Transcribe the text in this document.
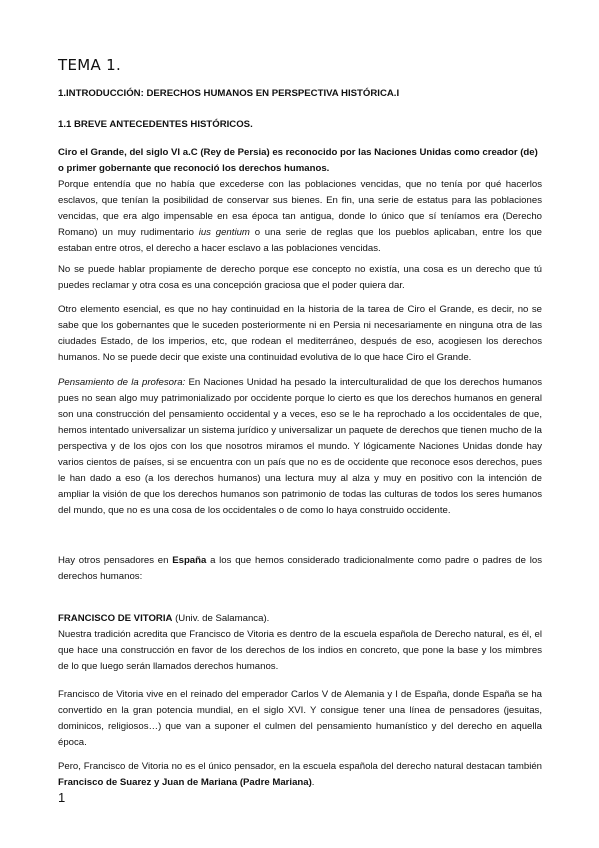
TEMA 1.
1.INTRODUCCIÓN: DERECHOS HUMANOS EN PERSPECTIVA HISTÓRICA.I
1.1 BREVE ANTECEDENTES HISTÓRICOS.

Ciro el Grande, del siglo VI a.C (Rey de Persia) es reconocido por las Naciones Unidas como creador (de) o primer gobernante que reconoció los derechos humanos.

Porque entendía que no había que excederse con las poblaciones vencidas, que no tenía por qué hacerlos esclavos, que tenían la posibilidad de conservar sus bienes. En fin, una serie de estatus para las poblaciones vencidas, que era algo impensable en esa época tan antigua, donde lo único que sí teníamos era (Derecho Romano) un muy rudimentario ius gentium o una serie de reglas que los pueblos aplicaban, entre los que estaban entre otros, el derecho a hacer esclavo a las poblaciones vencidas.

No se puede hablar propiamente de derecho porque ese concepto no existía, una cosa es un derecho que tú puedes reclamar y otra cosa es una concepción graciosa que el poder quiera dar.

Otro elemento esencial, es que no hay continuidad en la historia de la tarea de Ciro el Grande, es decir, no se sabe que los gobernantes que le suceden posteriormente ni en Persia ni necesariamente en ninguna otra de las ciudades Estado, de los imperios, etc, que rodean el mediterráneo, después de eso, acogiesen los derechos humanos. No se puede decir que existe una continuidad evolutiva de lo que hace Ciro el Grande.

Pensamiento de la profesora: En Naciones Unidad ha pesado la interculturalidad de que los derechos humanos pues no sean algo muy patrimonializado por occidente porque lo cierto es que los derechos humanos en general son una construcción del pensamiento occidental y a veces, eso se le ha reprochado a los occidentales de que, hemos intentado universalizar un sistema jurídico y universalizar un paquete de derechos que tienen mucho de la perspectiva y de los ojos con los que nosotros miramos el mundo. Y lógicamente Naciones Unidas donde hay varios cientos de países, si se encuentra con un país que no es de occidente que reconoce esos derechos, pues le han dado a eso (a los derechos humanos) una lectura muy al alza y muy en positivo con la intención de ampliar la visión de que los derechos humanos son patrimonio de todas las culturas de todos los seres humanos del mundo, que no es una cosa de los occidentales o de como lo haya construido occidente.

Hay otros pensadores en España a los que hemos considerado tradicionalmente como padre o padres de los derechos humanos:

FRANCISCO DE VITORIA (Univ. de Salamanca).

Nuestra tradición acredita que Francisco de Vitoria es dentro de la escuela española de Derecho natural, es él, el que hace una construcción en favor de los derechos de los indios en concreto, que pone la base y los mimbres de lo que luego serán llamados derechos humanos.

Francisco de Vitoria vive en el reinado del emperador Carlos V de Alemania y I de España, donde España se ha convertido en la gran potencia mundial, en el siglo XVI. Y consigue tener una línea de pensadores (jesuitas, dominicos, religiosos…) que van a suponer el culmen del pensamiento humanístico y del derecho en aquella época.

Pero, Francisco de Vitoria no es el único pensador, en la escuela española del derecho natural destacan también Francisco de Suarez y Juan de Mariana (Padre Mariana).

1
